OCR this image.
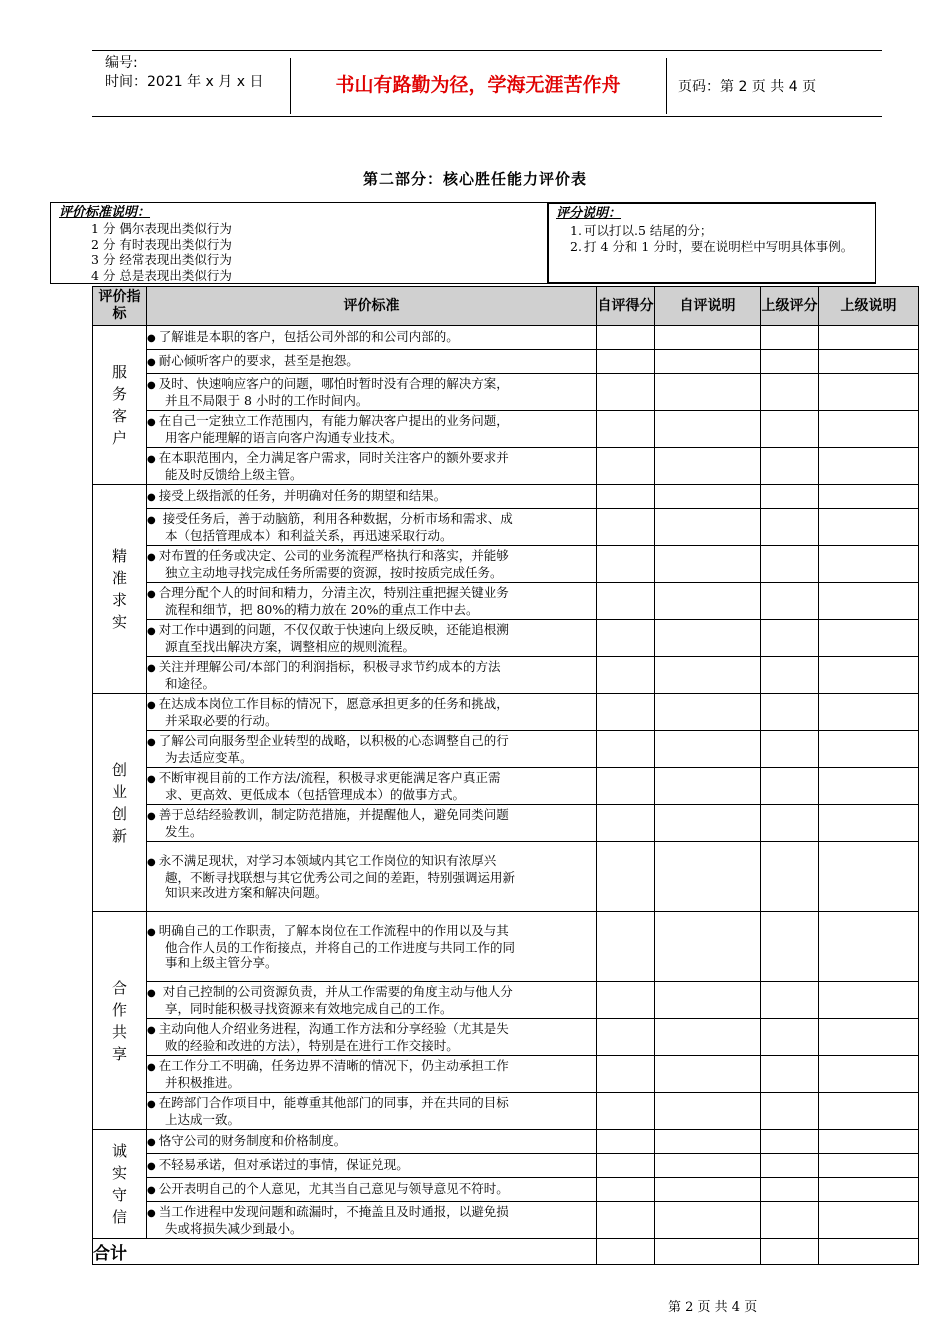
编号:
时间：2021 年 x 月 x 日	书山有路勤为径，学海无涯苦作舟	页码：第 2 页 共 4 页
第二部分：核心胜任能力评价表
评价标准说明：
1 分 偶尔表现出类似行为
2 分 有时表现出类似行为
3 分 经常表现出类似行为
4 分 总是表现出类似行为
评分说明：
1. 可以打以.5 结尾的分；
2. 打 4 分和 1 分时，要在说明栏中写明具体事例。
评价指标	评价标准	自评得分	自评说明	上级评分	上级说明
服务客户	● 了解谁是本职的客户，包括公司外部的和公司内部的。				
	● 耐心倾听客户的要求，甚至是抱怨。				
	● 及时、快速响应客户的问题，哪怕时暂时没有合理的解决方案，
并且不局限于 8 小时的工作时间内。				

	● 在自己一定独立工作范围内，有能力解决客户提出的业务问题，
用客户能理解的语言向客户沟通专业技术。				

	● 在本职范围内，全力满足客户需求，同时关注客户的额外要求并
能及时反馈给上级主管。				

精准求实	● 接受上级指派的任务，并明确对任务的期望和结果。				
	● 接受任务后，善于动脑筋，利用各种数据，分析市场和需求、成
本（包括管理成本）和利益关系，再迅速采取行动。				

	● 对布置的任务或决定、公司的业务流程严格执行和落实，并能够
独立主动地寻找完成任务所需要的资源，按时按质完成任务。				

	● 合理分配个人的时间和精力，分清主次，特别注重把握关键业务
流程和细节，把 80%的精力放在 20%的重点工作中去。				

	● 对工作中遇到的问题，不仅仅敢于快速向上级反映，还能追根溯
源直至找出解决方案，调整相应的规则流程。				

	● 关注并理解公司/本部门的利润指标，积极寻求节约成本的方法
和途径。				

创业创新	● 在达成本岗位工作目标的情况下，愿意承担更多的任务和挑战，
并采取必要的行动。				

	● 了解公司向服务型企业转型的战略，以积极的心态调整自己的行
为去适应变革。				

	● 不断审视目前的工作方法/流程，积极寻求更能满足客户真正需
求、更高效、更低成本（包括管理成本）的做事方式。				

	● 善于总结经验教训，制定防范措施，并提醒他人，避免同类问题
发生。				

	● 永不满足现状，对学习本领域内其它工作岗位的知识有浓厚兴
趣，不断寻找联想与其它优秀公司之间的差距，特别强调运用新
知识来改进方案和解决问题。				

合作共享	● 明确自己的工作职责，了解本岗位在工作流程中的作用以及与其
他合作人员的工作衔接点，并将自己的工作进度与共同工作的同
事和上级主管分享。				

	● 对自己控制的公司资源负责，并从工作需要的角度主动与他人分
享，同时能积极寻找资源来有效地完成自己的工作。				

	● 主动向他人介绍业务进程，沟通工作方法和分享经验（尤其是失
败的经验和改进的方法），特别是在进行工作交接时。				

	● 在工作分工不明确，任务边界不清晰的情况下，仍主动承担工作
并积极推进。				

	● 在跨部门合作项目中，能尊重其他部门的同事，并在共同的目标
上达成一致。				

诚实守信	● 恪守公司的财务制度和价格制度。				
	● 不轻易承诺，但对承诺过的事情，保证兑现。				
	● 公开表明自己的个人意见，尤其当自己意见与领导意见不符时。				
	● 当工作进程中发现问题和疏漏时，不掩盖且及时通报，以避免损
失或将损失减少到最小。				

合计					
第 2 页 共 4 页
